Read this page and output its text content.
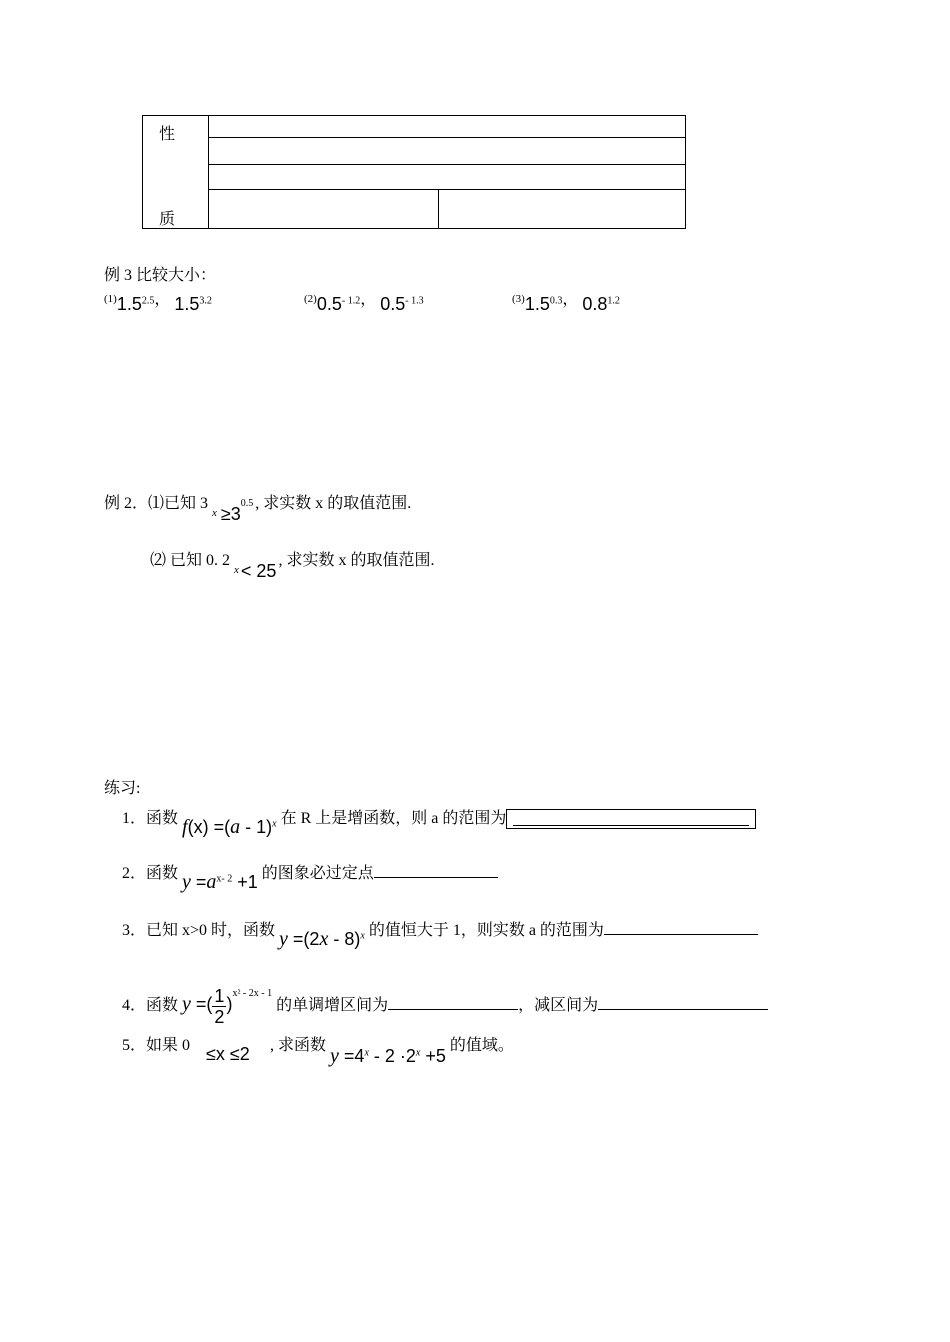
性
质
例 3 比较大小：
$^{(1)}1.5^{2.5}$， $1.5^{3.2}$	$^{(2)}0.5^{- 1.2}$， $0.5^{- 1.3}$	$^{(3)}1.5^{0.3}$， $0.8^{1.2}$
例 2．⑴已知 $3_x \ge 3^{0.5}$ , 求实数 x 的取值范围.
⑵ 已知 0. $2_x < 25$, 求实数 x 的取值范围.
练习:
1．函数 f(x) =(a - 1)$^x$ 在 R 上是增函数，则 a 的范围为
2．函数 $y =a^{x- 2} +1$ 的图象必过定点
3．已知 x>0 时，函数 y =(2x - 8)$^x$ 的值恒大于 1，则实数 a 的范围为
4．函数 y =( $\frac{1}{2} )^{x^2 - 2x - 1}$ 的单调增区间为	，减区间为
5．如果 0 ≤x ≤2 , 求函数 $y =4^x - 2 \cdot 2^x +5$ 的值域。
